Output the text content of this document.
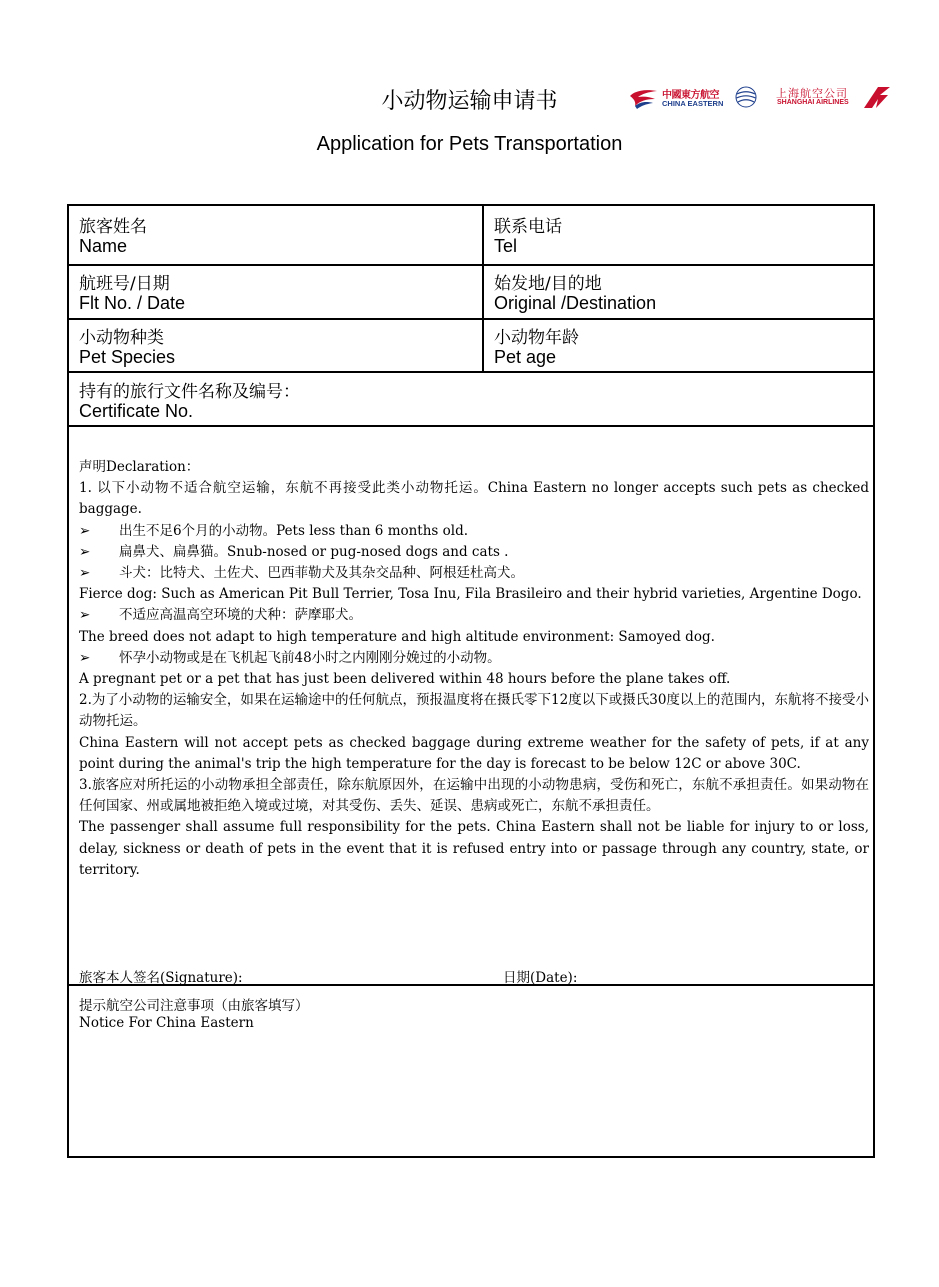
小动物运输申请书	中國東方航空
CHINA EASTERN
上海航空公司
SHANGHAI AIRLINES
Application for Pets Transportation
旅客姓名
Name
联系电话
Tel
航班号/日期
Flt No. / Date
始发地/目的地
Original /Destination
小动物种类
Pet Species
小动物年龄
Pet age
持有的旅行文件名称及编号：
Certificate No.

声明Declaration：

1. 以下小动物不适合航空运输，东航不再接受此类小动物托运。China Eastern no longer accepts such pets as checked baggage.

➢ 出生不足6个月的小动物。Pets less than 6 months old.

➢ 扁鼻犬、扁鼻猫。Snub-nosed or pug-nosed dogs and cats .

➢ 斗犬：比特犬、土佐犬、巴西菲勒犬及其杂交品种、阿根廷杜高犬。

Fierce dog: Such as American Pit Bull Terrier, Tosa Inu, Fila Brasileiro and their hybrid varieties, Argentine Dogo.

➢ 不适应高温高空环境的犬种：萨摩耶犬。

The breed does not adapt to high temperature and high altitude environment: Samoyed dog.

➢ 怀孕小动物或是在飞机起飞前48小时之内刚刚分娩过的小动物。

A pregnant pet or a pet that has just been delivered within 48 hours before the plane takes off.

2.为了小动物的运输安全，如果在运输途中的任何航点，预报温度将在摄氏零下12度以下或摄氏30度以上的范围内，东航将不接受小动物托运。

China Eastern will not accept pets as checked baggage during extreme weather for the safety of pets, if at any point during the animal's trip the high temperature for the day is forecast to be below 12C or above 30C.

3.旅客应对所托运的小动物承担全部责任，除东航原因外，在运输中出现的小动物患病，受伤和死亡，东航不承担责任。如果动物在任何国家、州或属地被拒绝入境或过境，对其受伤、丢失、延误、患病或死亡，东航不承担责任。

The passenger shall assume full responsibility for the pets. China Eastern shall not be liable for injury to or loss, delay, sickness or death of pets in the event that it is refused entry into or passage through any country, state, or territory.

旅客本人签名(Signature):	日期(Date):
提示航空公司注意事项（由旅客填写）
Notice For China Eastern
